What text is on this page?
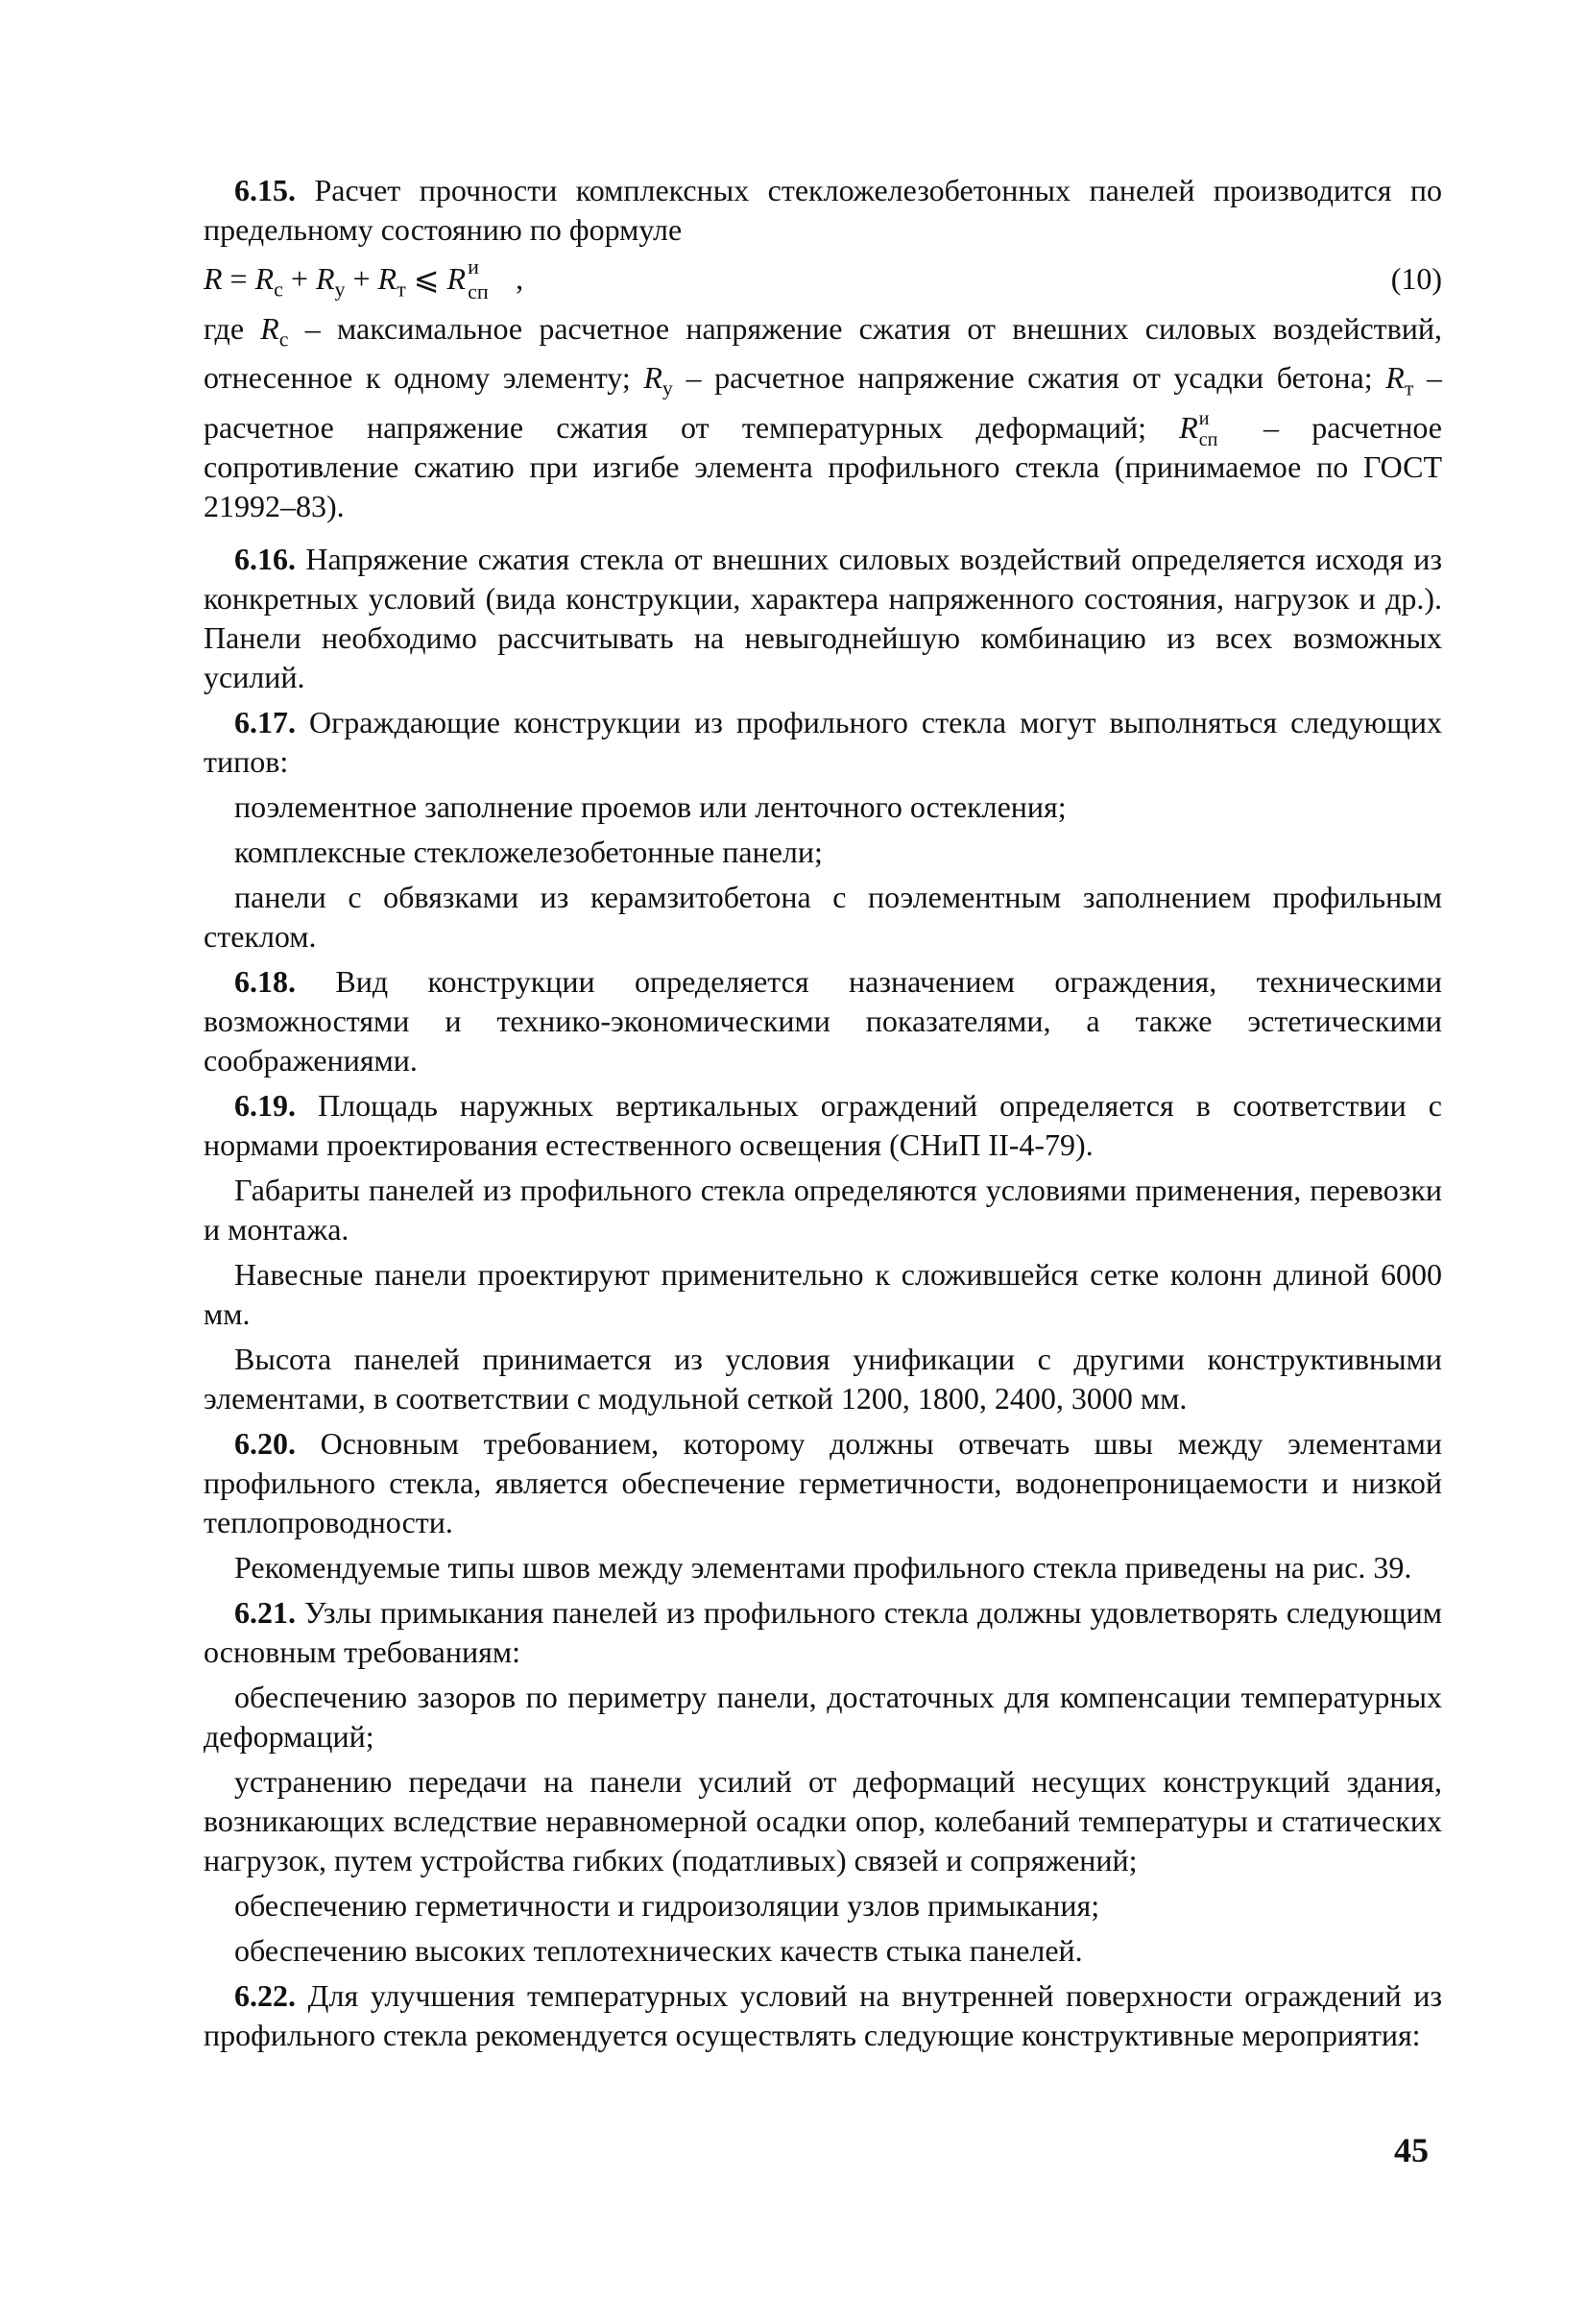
6.15. Расчет прочности комплексных стекложелезобетонных панелей производится по предельному состоянию по формуле

$R = R_с + R_у + R_т$ ⩽ R и
сп ,	(10)

где $R_с$ – максимальное расчетное напряжение сжатия от внешних силовых воздействий, отнесенное к одному элементу; $R_у$ – расчетное напряжение сжатия от усадки бетона; $R_т$ – расчетное напряжение сжатия от температурных деформаций; R и
сп – расчетное сопротивление сжатию при изгибе элемента профильного стекла (принимаемое по ГОСТ 21992–83).

6.16. Напряжение сжатия стекла от внешних силовых воздействий определяется исходя из конкретных условий (вида конструкции, характера напряженного состояния, нагрузок и др.). Панели необходимо рассчитывать на невыгоднейшую комбинацию из всех возможных усилий.

6.17. Ограждающие конструкции из профильного стекла могут выполняться следующих типов:

поэлементное заполнение проемов или ленточного остекления;

комплексные стекложелезобетонные панели;

панели с обвязками из керамзитобетона с поэлементным заполнением профильным стеклом.

6.18. Вид конструкции определяется назначением ограждения, техническими возможностями и технико-экономическими показателями, а также эстетическими соображениями.

6.19. Площадь наружных вертикальных ограждений определяется в соответствии с нормами проектирования естественного освещения (СНиП II-4-79).

Габариты панелей из профильного стекла определяются условиями применения, перевозки и монтажа.

Навесные панели проектируют применительно к сложившейся сетке колонн длиной 6000 мм.

Высота панелей принимается из условия унификации с другими конструктивными элементами, в соответствии с модульной сеткой 1200, 1800, 2400, 3000 мм.

6.20. Основным требованием, которому должны отвечать швы между элементами профильного стекла, является обеспечение герметичности, водонепроницаемости и низкой теплопроводности.

Рекомендуемые типы швов между элементами профильного стекла приведены на рис. 39.

6.21. Узлы примыкания панелей из профильного стекла должны удовлетворять следующим основным требованиям:

обеспечению зазоров по периметру панели, достаточных для компенсации температурных деформаций;

устранению передачи на панели усилий от деформаций несущих конструкций здания, возникающих вследствие неравномерной осадки опор, колебаний температуры и статических нагрузок, путем устройства гибких (податливых) связей и сопряжений;

обеспечению герметичности и гидроизоляции узлов примыкания;

обеспечению высоких теплотехнических качеств стыка панелей.

6.22. Для улучшения температурных условий на внутренней поверхности ограждений из профильного стекла рекомендуется осуществлять следующие конструктивные мероприятия:

45
